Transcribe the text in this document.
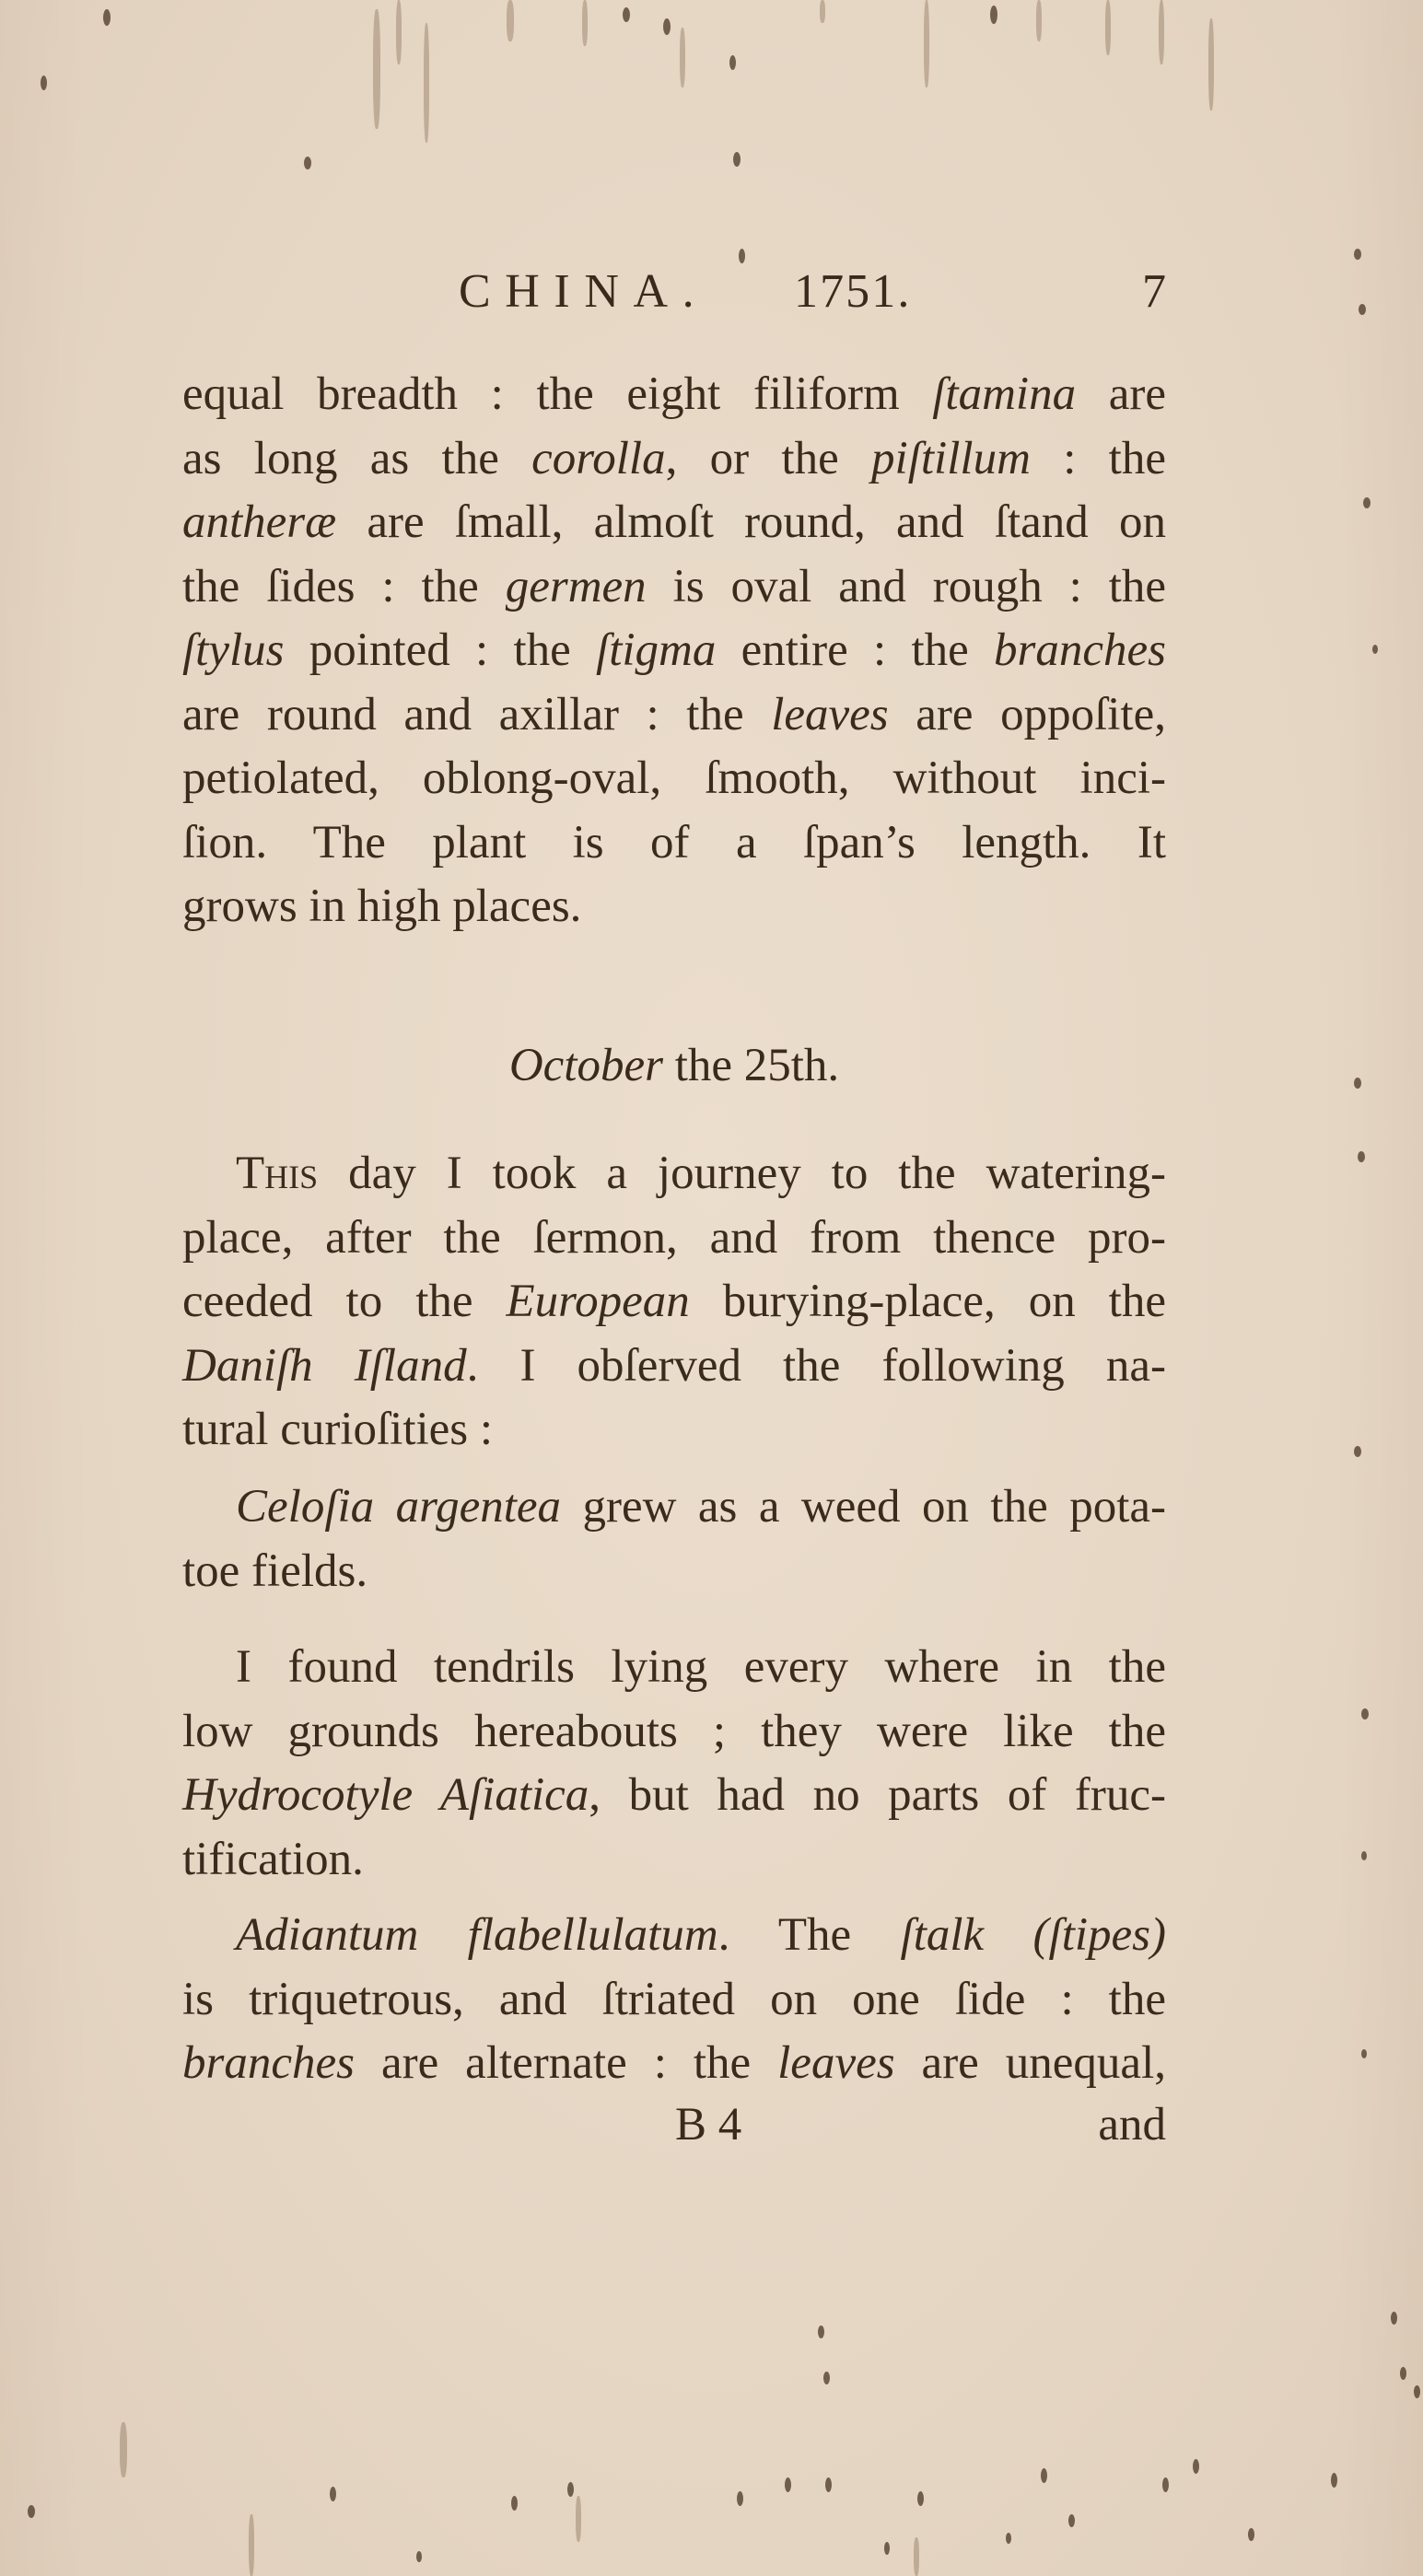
CHINA. 1751.	7
equal breadth : the eight filiform ſtamina are
as long as the corolla, or the piſtillum : the
antheræ are ſmall, almoſt round, and ſtand on
the ſides : the germen is oval and rough : the
ſtylus pointed : the ſtigma entire : the branches
are round and axillar : the leaves are oppoſite,
petiolated, oblong-oval, ſmooth, without inci-
ſion. The plant is of a ſpan’s length. It
grows in high places.
October the 25th.
This day I took a journey to the watering-
place, after the ſermon, and from thence pro-
ceeded to the European burying-place, on the
Daniſh Iſland. I obſerved the following na-
tural curioſities :
Celoſia argentea grew as a weed on the pota-
toe fields.
I found tendrils lying every where in the
low grounds hereabouts ; they were like the
Hydrocotyle Aſiatica, but had no parts of fruc-
tification.
Adiantum flabellulatum. The ſtalk (ſtipes)
is triquetrous, and ſtriated on one ſide : the
branches are alternate : the leaves are unequal,
B 4	and
